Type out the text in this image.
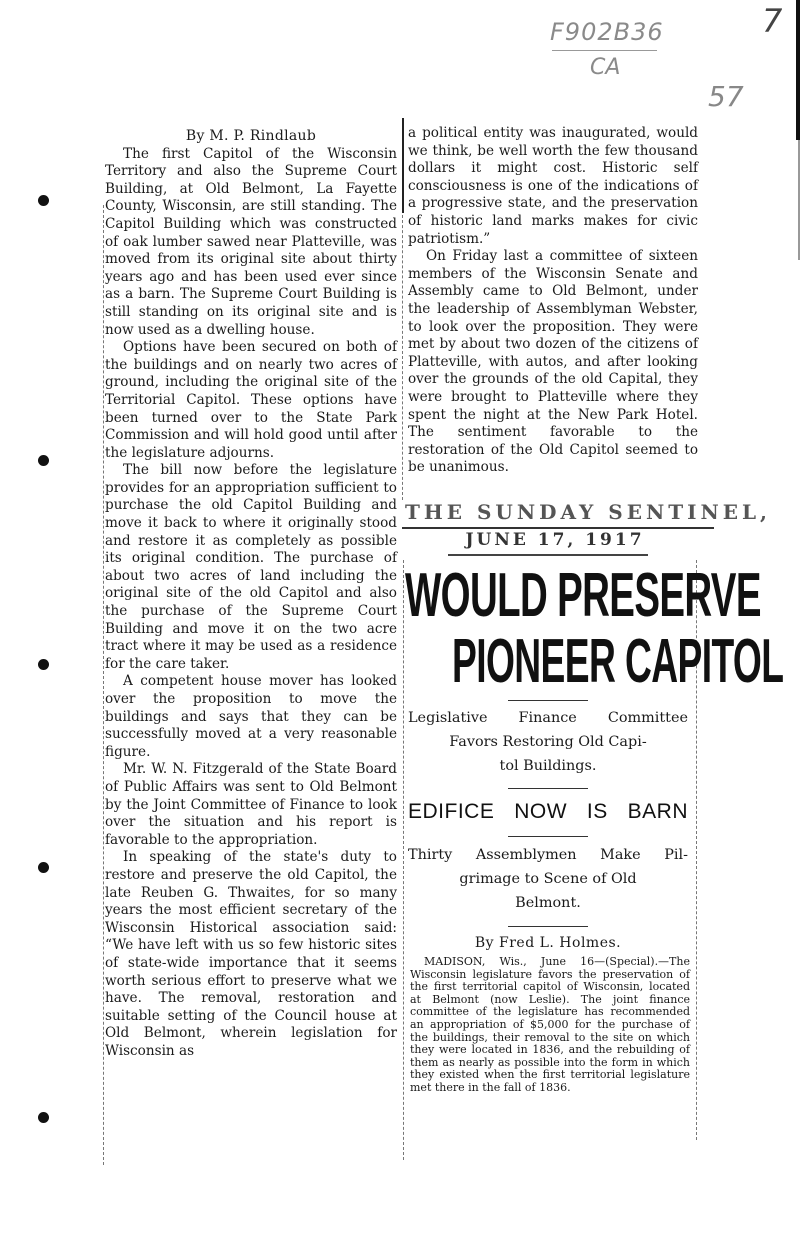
F902B36
CA
7
57

By M. P. Rindlaub

The first Capitol of the Wisconsin Territory and also the Supreme Court Building, at Old Belmont, La Fayette County, Wisconsin, are still standing. The Capitol Building which was constructed of oak lumber sawed near Platteville, was moved from its original site about thirty years ago and has been used ever since as a barn. The Supreme Court Building is still standing on its original site and is now used as a dwelling house.

Options have been secured on both of the buildings and on nearly two acres of ground, including the original site of the Territorial Capitol. These options have been turned over to the State Park Commission and will hold good until after the legislature adjourns.

The bill now before the legislature provides for an appropriation sufficient to purchase the old Capitol Building and move it back to where it originally stood and restore it as completely as possible its original condition. The purchase of about two acres of land including the original site of the old Capitol and also the purchase of the Supreme Court Building and move it on the two acre tract where it may be used as a residence for the care taker.

A competent house mover has looked over the proposition to move the buildings and says that they can be successfully moved at a very reasonable figure.

Mr. W. N. Fitzgerald of the State Board of Public Affairs was sent to Old Belmont by the Joint Committee of Finance to look over the situation and his report is favorable to the appropriation.

In speaking of the state's duty to restore and preserve the old Capitol, the late Reuben G. Thwaites, for so many years the most efficient secretary of the Wisconsin Historical association said: “We have left with us so few historic sites of state-wide importance that it seems worth serious effort to preserve what we have. The removal, restoration and suitable setting of the Council house at Old Belmont, wherein legislation for Wisconsin as

a political entity was inaugurated, would we think, be well worth the few thousand dollars it might cost. Historic self consciousness is one of the indications of a progressive state, and the preservation of historic land marks makes for civic patriotism.”

On Friday last a committee of sixteen members of the Wisconsin Senate and Assembly came to Old Belmont, under the leadership of Assemblyman Webster, to look over the proposition. They were met by about two dozen of the citizens of Platteville, with autos, and after looking over the grounds of the old Capital, they were brought to Platteville where they spent the night at the New Park Hotel. The sentiment favorable to the restoration of the Old Capitol seemed to be unanimous.

THE SUNDAY SENTINEL,
JUNE 17, 1917
WOULD PRESERVE
PIONEER CAPITOL
Legislative Finance Committee
Favors Restoring Old Capi-
tol Buildings.
EDIFICE NOW IS BARN
Thirty Assemblymen Make Pil-
grimage to Scene of Old
Belmont.
By Fred L. Holmes.

MADISON, Wis., June 16—(Special).—The Wisconsin legislature favors the preservation of the first territorial capitol of Wisconsin, located at Belmont (now Leslie). The joint finance committee of the legislature has recommended an appropriation of $5,000 for the purchase of the buildings, their removal to the site on which they were located in 1836, and the rebuilding of them as nearly as possible into the form in which they existed when the first territorial legislature met there in the fall of 1836.
